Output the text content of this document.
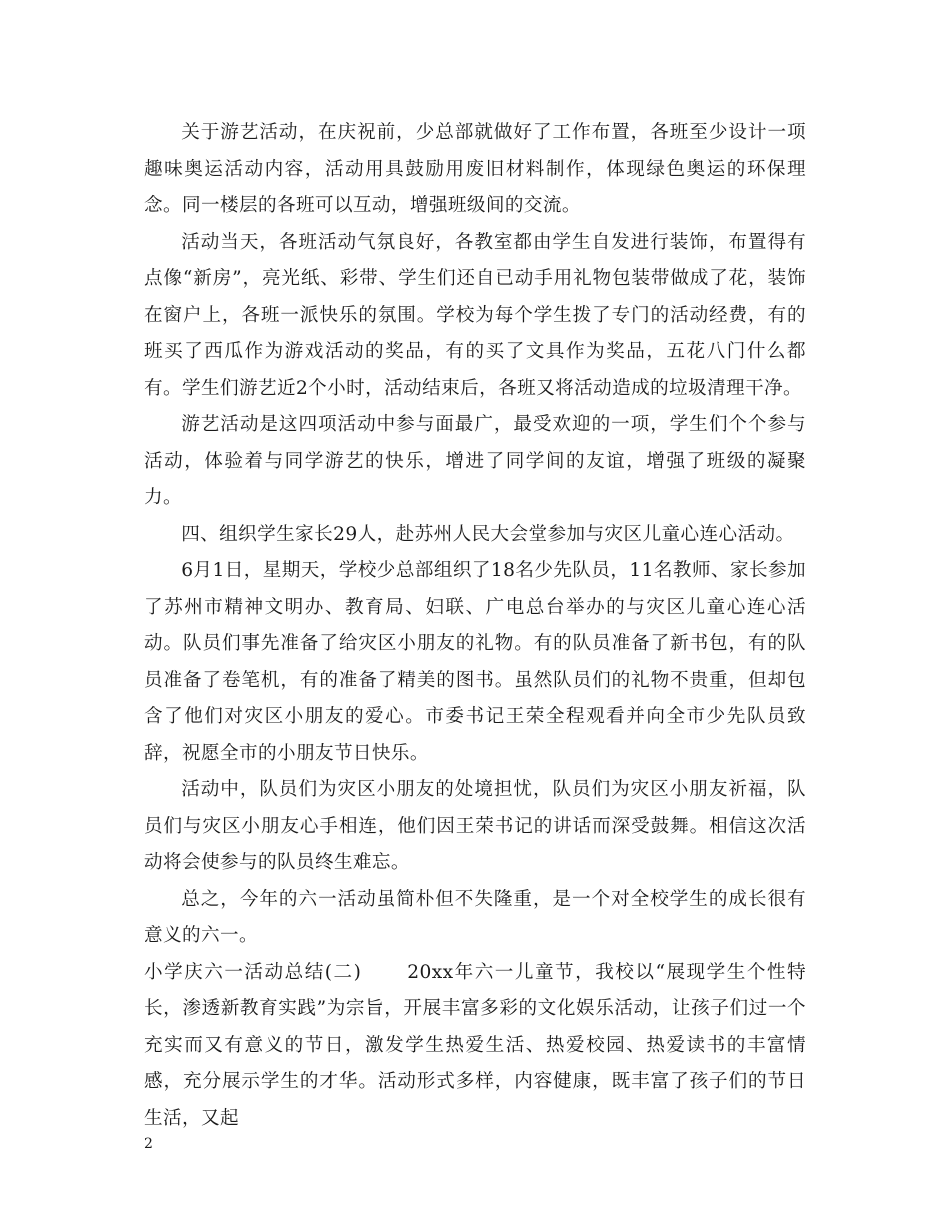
关于游艺活动，在庆祝前，少总部就做好了工作布置，各班至少设计一项趣味奥运活动内容，活动用具鼓励用废旧材料制作，体现绿色奥运的环保理念。同一楼层的各班可以互动，增强班级间的交流。

活动当天，各班活动气氛良好，各教室都由学生自发进行装饰，布置得有点像“新房”，亮光纸、彩带、学生们还自已动手用礼物包装带做成了花，装饰在窗户上，各班一派快乐的氛围。学校为每个学生拨了专门的活动经费，有的班买了西瓜作为游戏活动的奖品，有的买了文具作为奖品，五花八门什么都有。学生们游艺近2个小时，活动结束后，各班又将活动造成的垃圾清理干净。

游艺活动是这四项活动中参与面最广，最受欢迎的一项，学生们个个参与活动，体验着与同学游艺的快乐，增进了同学间的友谊，增强了班级的凝聚力。

四、组织学生家长29人，赴苏州人民大会堂参加与灾区儿童心连心活动。

6月1日，星期天，学校少总部组织了18名少先队员，11名教师、家长参加了苏州市精神文明办、教育局、妇联、广电总台举办的与灾区儿童心连心活动。队员们事先准备了给灾区小朋友的礼物。有的队员准备了新书包，有的队员准备了卷笔机，有的准备了精美的图书。虽然队员们的礼物不贵重，但却包含了他们对灾区小朋友的爱心。市委书记王荣全程观看并向全市少先队员致辞，祝愿全市的小朋友节日快乐。

活动中，队员们为灾区小朋友的处境担忧，队员们为灾区小朋友祈福，队员们与灾区小朋友心手相连，他们因王荣书记的讲话而深受鼓舞。相信这次活动将会使参与的队员终生难忘。

总之，今年的六一活动虽简朴但不失隆重，是一个对全校学生的成长很有意义的六一。

小学庆六一活动总结(二) 20xx年六一儿童节，我校以“展现学生个性特长，渗透新教育实践”为宗旨，开展丰富多彩的文化娱乐活动，让孩子们过一个充实而又有意义的节日，激发学生热爱生活、热爱校园、热爱读书的丰富情感，充分展示学生的才华。活动形式多样，内容健康，既丰富了孩子们的节日生活，又起

2
